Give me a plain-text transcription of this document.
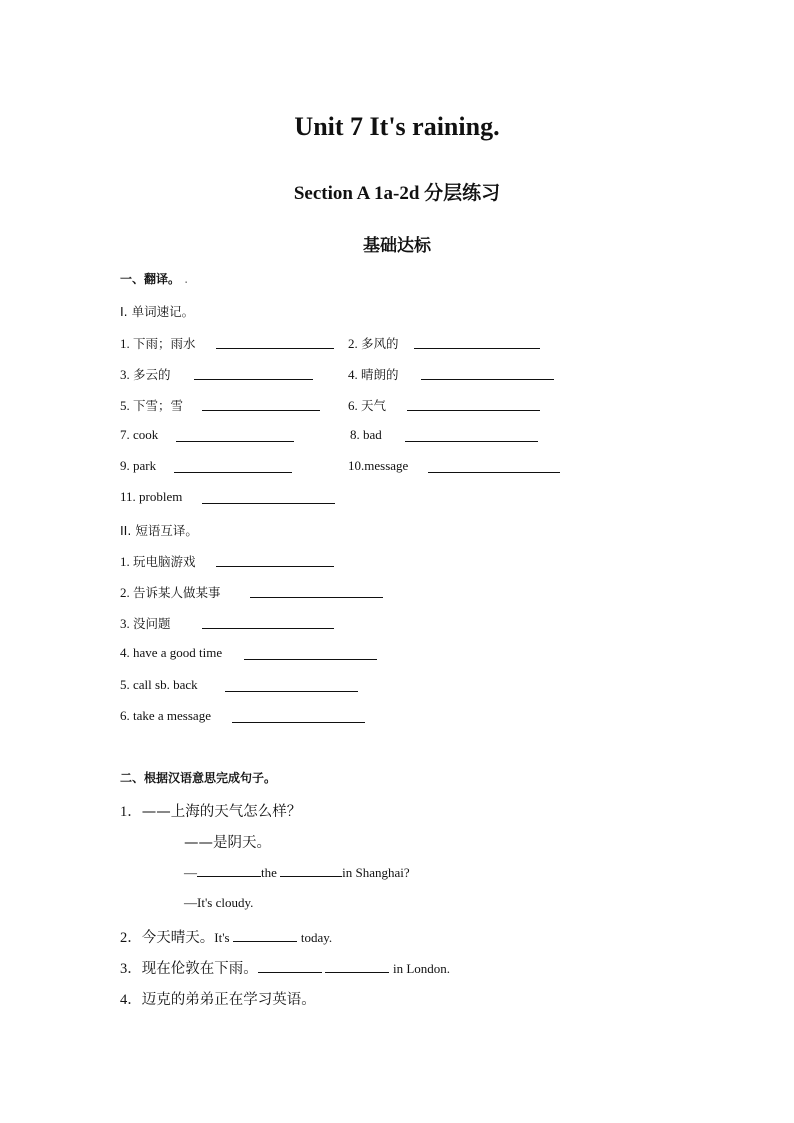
Unit 7 It's raining.
Section A 1a-2d 分层练习
基础达标
一、翻译。 .
I. 单词速记。
1. 下雨；雨水	2. 多风的
3. 多云的	4. 晴朗的
5. 下雪；雪	6. 天气
7. cook	8. bad
9. park	10.message
11. problem
II. 短语互译。
1. 玩电脑游戏
2. 告诉某人做某事
3. 没问题
4. have a good time
5. call sb. back
6. take a message
二、根据汉语意思完成句子。
1．——上海的天气怎么样？
——是阴天。
—	the	in Shanghai?
—It's cloudy.
2．今天晴天。It's	today.
3．现在伦敦在下雨。	in London.
4．迈克的弟弟正在学习英语。
